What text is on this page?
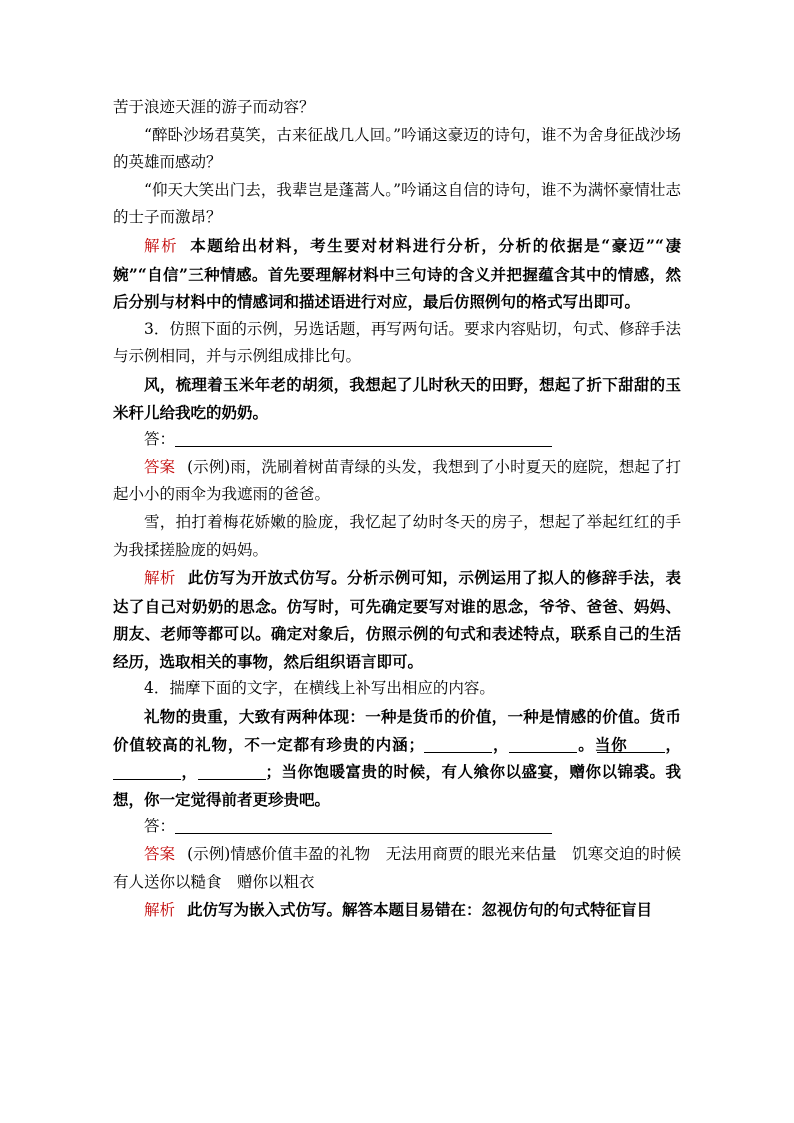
苦于浪迹天涯的游子而动容？

“醉卧沙场君莫笑，古来征战几人回。”吟诵这豪迈的诗句，谁不为舍身征战沙场的英雄而感动？

“仰天大笑出门去，我辈岂是蓬蒿人。”吟诵这自信的诗句，谁不为满怀豪情壮志的士子而激昂？

解析 本题给出材料，考生要对材料进行分析，分析的依据是“豪迈”“凄婉”“自信”三种情感。首先要理解材料中三句诗的含义并把握蕴含其中的情感，然后分别与材料中的情感词和描述语进行对应，最后仿照例句的格式写出即可。

3．仿照下面的示例，另选话题，再写两句话。要求内容贴切，句式、修辞手法与示例相同，并与示例组成排比句。

风，梳理着玉米年老的胡须，我想起了儿时秋天的田野，想起了折下甜甜的玉米秆儿给我吃的奶奶。

答：

答案 (示例)雨，洗刷着树苗青绿的头发，我想到了小时夏天的庭院，想起了打起小小的雨伞为我遮雨的爸爸。

雪，拍打着梅花娇嫩的脸庞，我忆起了幼时冬天的房子，想起了举起红红的手为我揉搓脸庞的妈妈。

解析 此仿写为开放式仿写。分析示例可知，示例运用了拟人的修辞手法，表达了自己对奶奶的思念。仿写时，可先确定要写对谁的思念，爷爷、爸爸、妈妈、朋友、老师等都可以。确定对象后，仿照示例的句式和表述特点，联系自己的生活经历，选取相关的事物，然后组织语言即可。

4．揣摩下面的文字，在横线上补写出相应的内容。

礼物的贵重，大致有两种体现：一种是货币的价值，一种是情感的价值。货币价值较高的礼物，不一定都有珍贵的内涵；	，	。当你 ，，	；当你饱暖富贵的时候，有人飨你以盛宴，赠你以锦裘。我想，你一定觉得前者更珍贵吧。

答：

答案 (示例)情感价值丰盈的礼物　无法用商贾的眼光来估量　饥寒交迫的时候　有人送你以糙食　赠你以粗衣

解析 此仿写为嵌入式仿写。解答本题目易错在：忽视仿句的句式特征盲目
